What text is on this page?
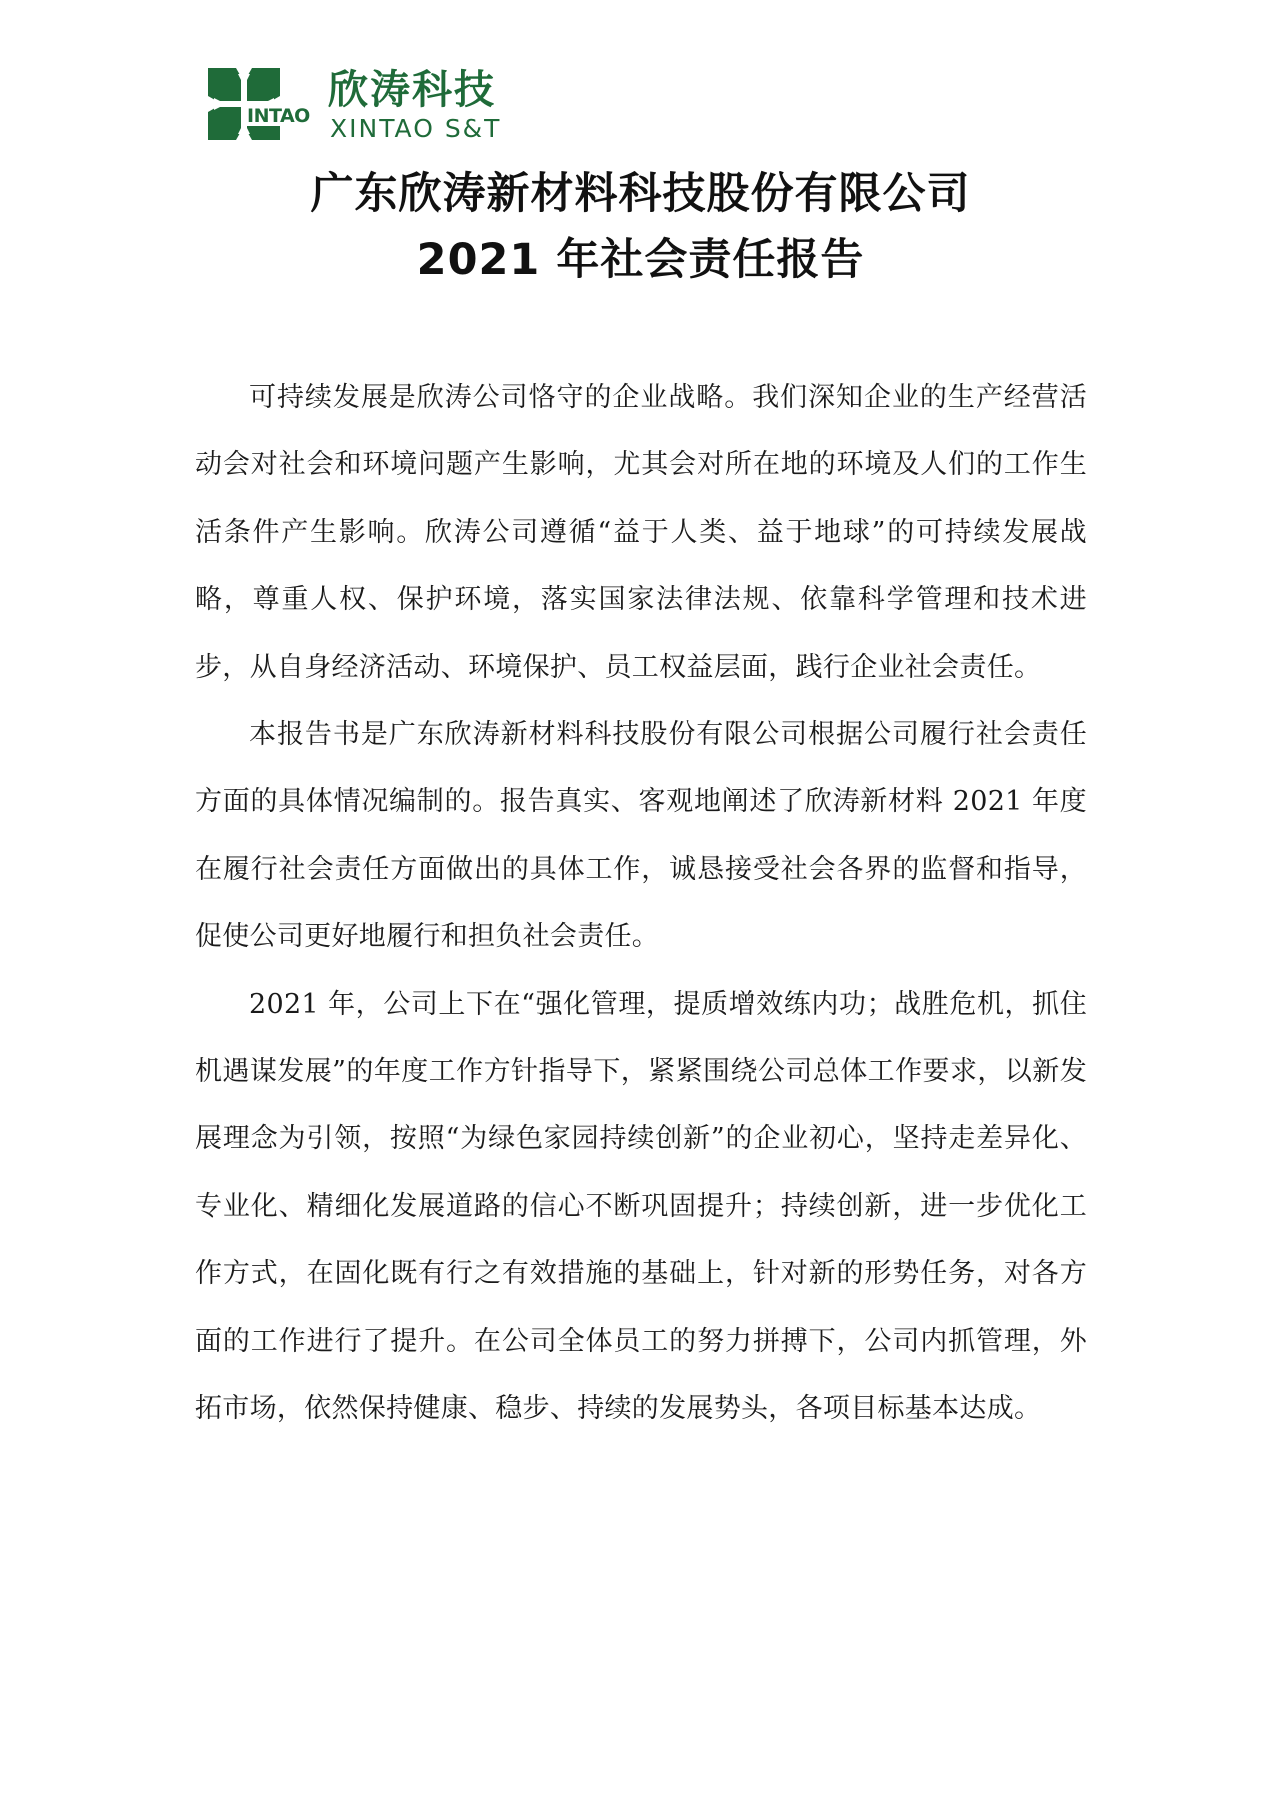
INTAO
欣涛科技
XINTAO S&T
广东欣涛新材料科技股份有限公司
2021 年社会责任报告

可持续发展是欣涛公司恪守的企业战略。我们深知企业的生产经营活动会对社会和环境问题产生影响，尤其会对所在地的环境及人们的工作生活条件产生影响。欣涛公司遵循“益于人类、益于地球”的可持续发展战略，尊重人权、保护环境，落实国家法律法规、依靠科学管理和技术进步，从自身经济活动、环境保护、员工权益层面，践行企业社会责任。

本报告书是广东欣涛新材料科技股份有限公司根据公司履行社会责任方面的具体情况编制的。报告真实、客观地阐述了欣涛新材料 2021 年度在履行社会责任方面做出的具体工作，诚恳接受社会各界的监督和指导，促使公司更好地履行和担负社会责任。

2021 年，公司上下在“强化管理，提质增效练内功；战胜危机，抓住机遇谋发展”的年度工作方针指导下，紧紧围绕公司总体工作要求，以新发展理念为引领，按照“为绿色家园持续创新”的企业初心，坚持走差异化、专业化、精细化发展道路的信心不断巩固提升；持续创新，进一步优化工作方式，在固化既有行之有效措施的基础上，针对新的形势任务，对各方面的工作进行了提升。在公司全体员工的努力拼搏下，公司内抓管理，外拓市场，依然保持健康、稳步、持续的发展势头，各项目标基本达成。
